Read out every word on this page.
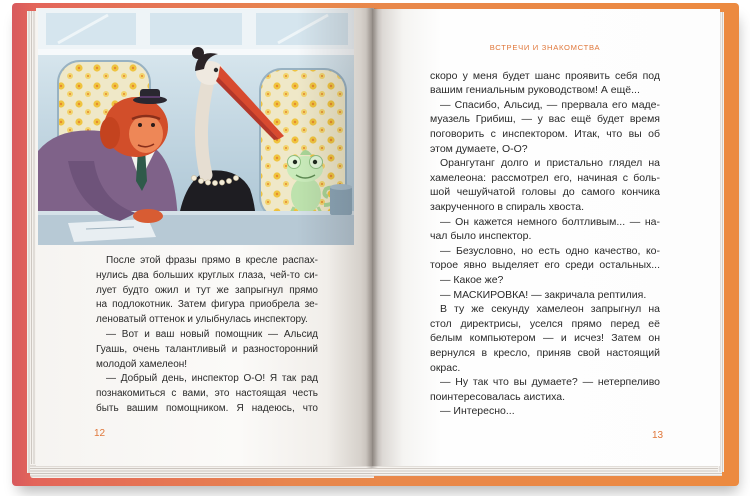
После этой фразы прямо в кресле распах-
нулись два больших круглых глаза, чей-то си-
лует будто ожил и тут же запрыгнул прямо
на подлокотник. Затем фигура приобрела зе-
леноватый оттенок и улыбнулась инспектору.
— Вот и ваш новый помощник — Альсид
Гуашь, очень талантливый и разносторонний
молодой хамелеон!
— Добрый день, инспектор О-О! Я так рад
познакомиться с вами, это настоящая честь
быть вашим помощником. Я надеюсь, что
12
ВСТРЕЧИ И ЗНАКОМСТВА
скоро у меня будет шанс проявить себя под
вашим гениальным руководством! А ещё...
— Спасибо, Альсид, — прервала его маде-
муазель Грибиш, — у вас ещё будет время
поговорить с инспектором. Итак, что вы об
этом думаете, О-О?
Орангутанг долго и пристально глядел на
хамелеона: рассмотрел его, начиная с боль-
шой чешуйчатой головы до самого кончика
закрученного в спираль хвоста.
— Он кажется немного болтливым... — на-
чал было инспектор.
— Безусловно, но есть одно качество, ко-
торое явно выделяет его среди остальных...
— Какое же?
— МАСКИРОВКА! — закричала рептилия.
В ту же секунду хамелеон запрыгнул на
стол директрисы, уселся прямо перед её
белым компьютером — и исчез! Затем он
вернулся в кресло, приняв свой настоящий
окрас.
— Ну так что вы думаете? — нетерпеливо
поинтересовалась аистиха.
— Интересно...
13
